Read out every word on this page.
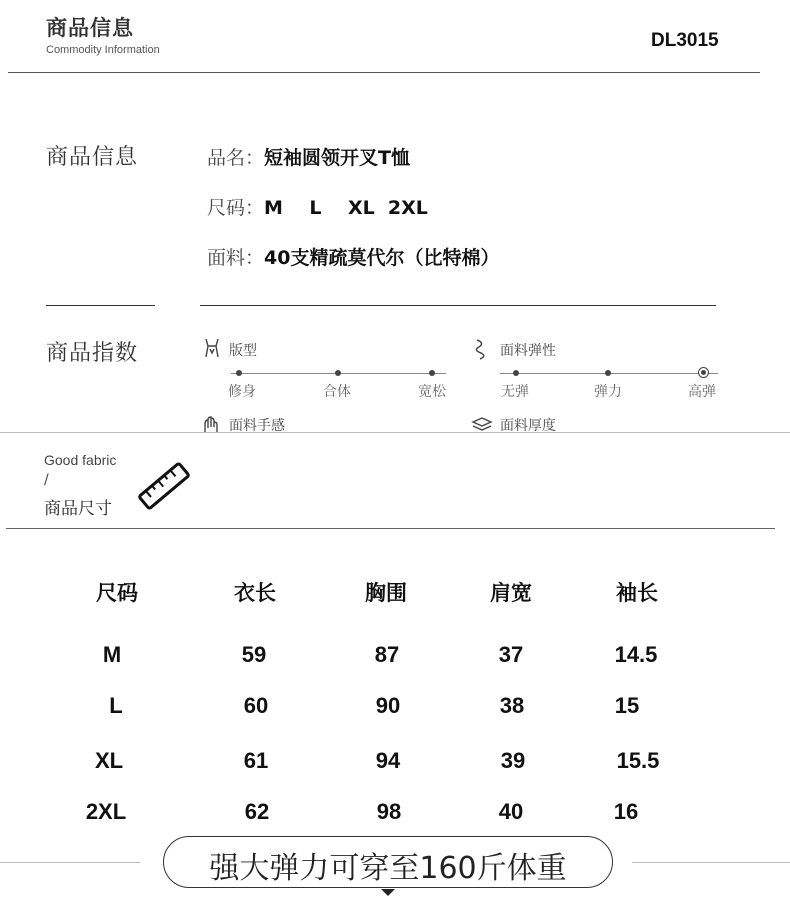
商品信息
Commodity Information	DL3015
商品信息	品名：短袖圆领开叉T恤
尺码：M    L    XL  2XL
面料：40支精疏莫代尔（比特棉）
商品指数	版型
修身	合体	宽松
面料弹性
无弹	弹力	高弹
面料手感	面料厚度
Good fabric
/
商品尺寸
尺码	衣长	胸围	肩宽	袖长
M	59	87	37	14.5
L	60	90	38	15
XL	61	94	39	15.5
2XL	62	98	40	16
强大弹力可穿至160斤体重
